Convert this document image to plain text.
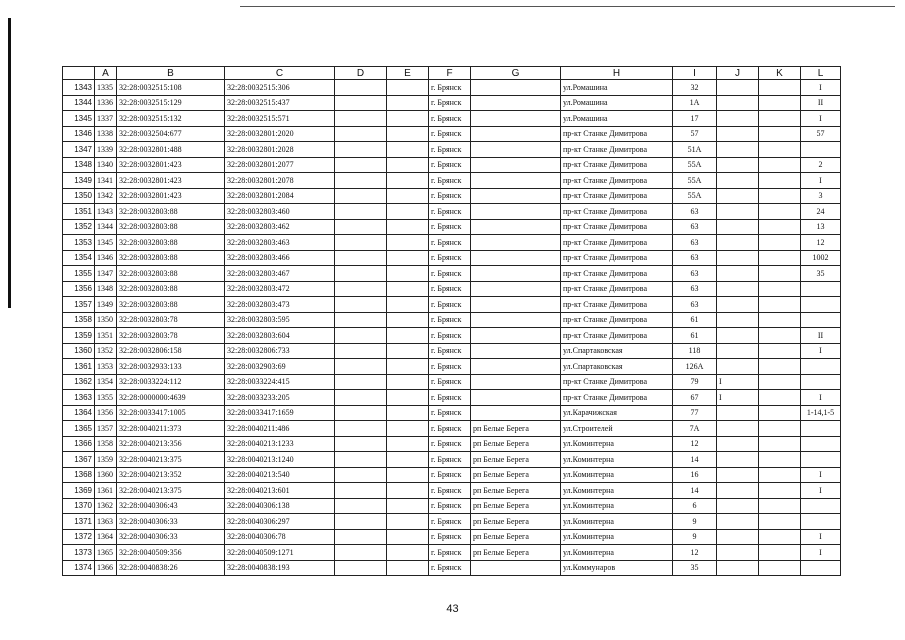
	A	B	C	D	E	F	G	H	I	J	K	L
1343	1335	32:28:0032515:108	32:28:0032515:306			г. Брянск		ул.Ромашина	32			I
1344	1336	32:28:0032515:129	32:28:0032515:437			г. Брянск		ул.Ромашина	1А			II
1345	1337	32:28:0032515:132	32:28:0032515:571			г. Брянск		ул.Ромашина	17			I
1346	1338	32:28:0032504:677	32:28:0032801:2020			г. Брянск		пр-кт Станке Димитрова	57			57
1347	1339	32:28:0032801:488	32:28:0032801:2028			г. Брянск		пр-кт Станке Димитрова	51А			
1348	1340	32:28:0032801:423	32:28:0032801:2077			г. Брянск		пр-кт Станке Димитрова	55А			2
1349	1341	32:28:0032801:423	32:28:0032801:2078			г. Брянск		пр-кт Станке Димитрова	55А			I
1350	1342	32:28:0032801:423	32:28:0032801:2084			г. Брянск		пр-кт Станке Димитрова	55А			3
1351	1343	32:28:0032803:88	32:28:0032803:460			г. Брянск		пр-кт Станке Димитрова	63			24
1352	1344	32:28:0032803:88	32:28:0032803:462			г. Брянск		пр-кт Станке Димитрова	63			13
1353	1345	32:28:0032803:88	32:28:0032803:463			г. Брянск		пр-кт Станке Димитрова	63			12
1354	1346	32:28:0032803:88	32:28:0032803:466			г. Брянск		пр-кт Станке Димитрова	63			1002
1355	1347	32:28:0032803:88	32:28:0032803:467			г. Брянск		пр-кт Станке Димитрова	63			35
1356	1348	32:28:0032803:88	32:28:0032803:472			г. Брянск		пр-кт Станке Димитрова	63			
1357	1349	32:28:0032803:88	32:28:0032803:473			г. Брянск		пр-кт Станке Димитрова	63			
1358	1350	32:28:0032803:78	32:28:0032803:595			г. Брянск		пр-кт Станке Димитрова	61			
1359	1351	32:28:0032803:78	32:28:0032803:604			г. Брянск		пр-кт Станке Димитрова	61			II
1360	1352	32:28:0032806:158	32:28:0032806:733			г. Брянск		ул.Спартаковская	118			I
1361	1353	32:28:0032933:133	32:28:0032903:69			г. Брянск		ул.Спартаковская	126А			
1362	1354	32:28:0033224:112	32:28:0033224:415			г. Брянск		пр-кт Станке Димитрова	79	I		
1363	1355	32:28:0000000:4639	32:28:0033233:205			г. Брянск		пр-кт Станке Димитрова	67	I		I
1364	1356	32:28:0033417:1005	32:28:0033417:1659			г. Брянск		ул.Карачижская	77			1-14,1-5
1365	1357	32:28:0040211:373	32:28:0040211:486			г. Брянск	рп Белые Берега	ул.Строителей	7А			
1366	1358	32:28:0040213:356	32:28:0040213:1233			г. Брянск	рп Белые Берега	ул.Коминтерна	12			
1367	1359	32:28:0040213:375	32:28:0040213:1240			г. Брянск	рп Белые Берега	ул.Коминтерна	14			
1368	1360	32:28:0040213:352	32:28:0040213:540			г. Брянск	рп Белые Берега	ул.Коминтерна	16			I
1369	1361	32:28:0040213:375	32:28:0040213:601			г. Брянск	рп Белые Берега	ул.Коминтерна	14			I
1370	1362	32:28:0040306:43	32:28:0040306:138			г. Брянск	рп Белые Берега	ул.Коминтерна	6			
1371	1363	32:28:0040306:33	32:28:0040306:297			г. Брянск	рп Белые Берега	ул.Коминтерна	9			
1372	1364	32:28:0040306:33	32:28:0040306:78			г. Брянск	рп Белые Берега	ул.Коминтерна	9			I
1373	1365	32:28:0040509:356	32:28:0040509:1271			г. Брянск	рп Белые Берега	ул.Коминтерна	12			I
1374	1366	32:28:0040838:26	32:28:0040838:193			г. Брянск		ул.Коммунаров	35			
43
